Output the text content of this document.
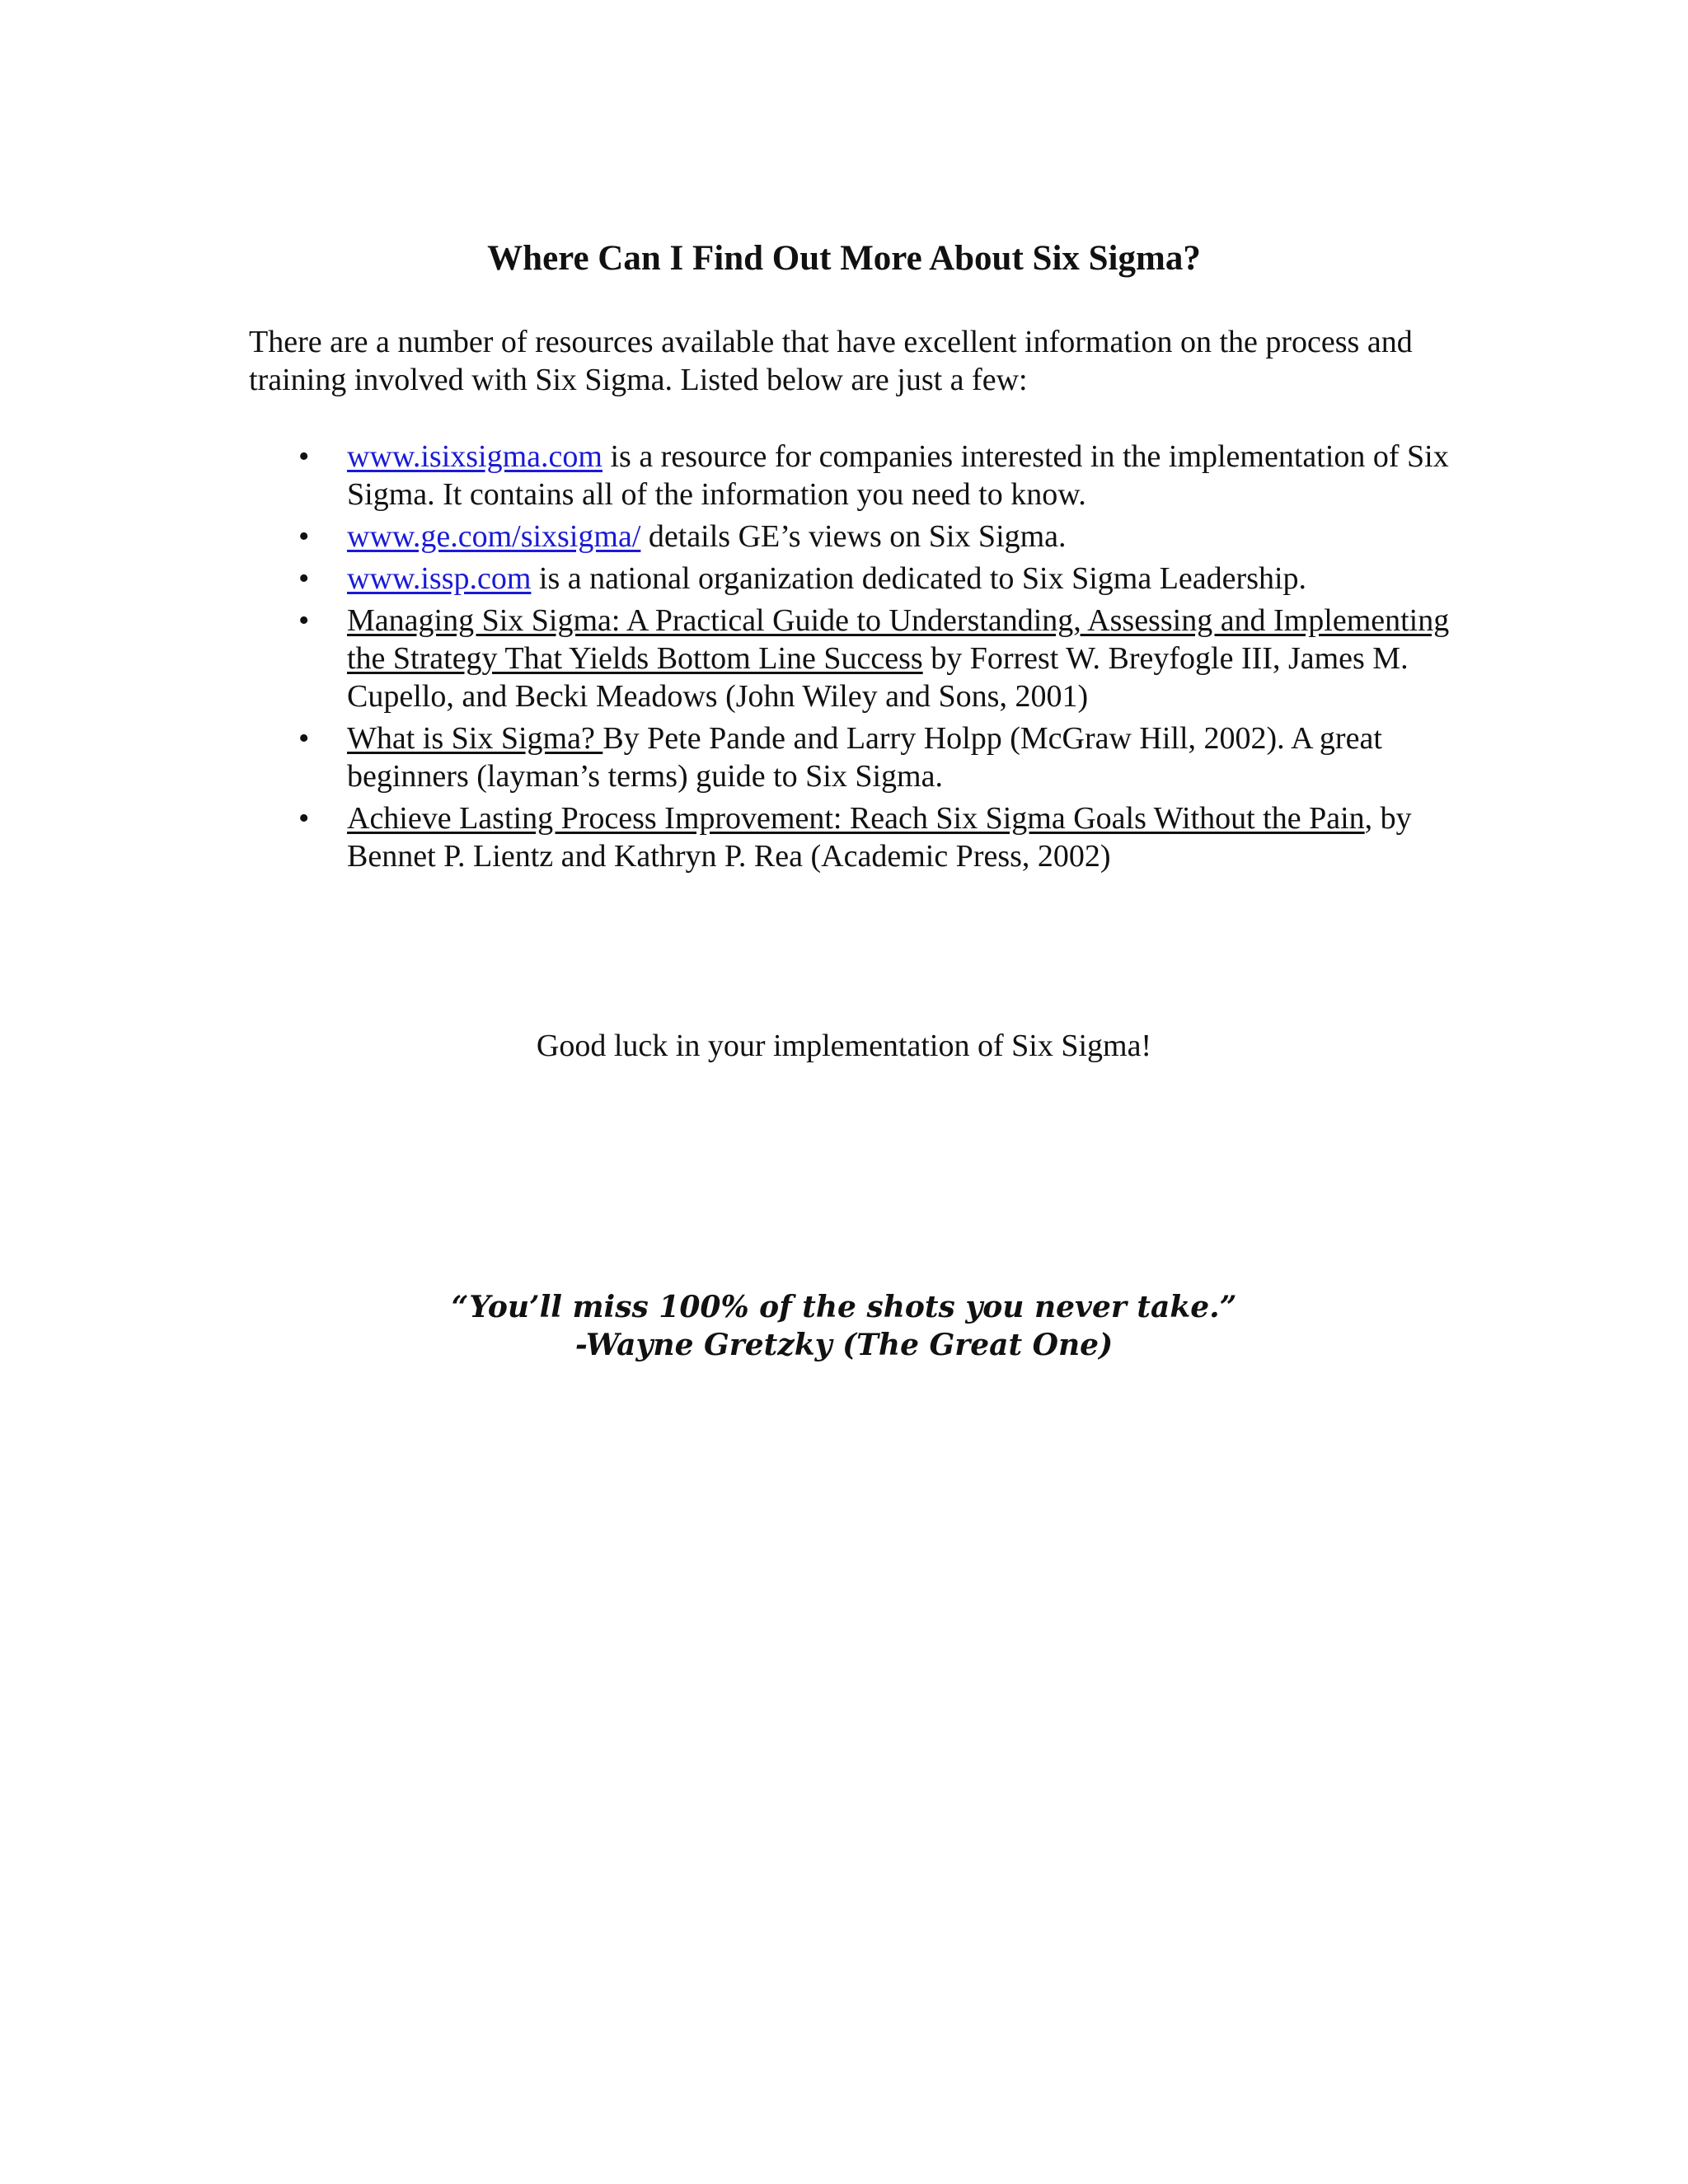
Where Can I Find Out More About Six Sigma?

There are a number of resources available that have excellent information on the process and training involved with Six Sigma. Listed below are just a few:

• www.isixsigma.com is a resource for companies interested in the implementation of Six Sigma. It contains all of the information you need to know.
• www.ge.com/sixsigma/ details GE’s views on Six Sigma.
• www.issp.com is a national organization dedicated to Six Sigma Leadership.
• Managing Six Sigma: A Practical Guide to Understanding, Assessing and Implementing the Strategy That Yields Bottom Line Success by Forrest W. Breyfogle III, James M. Cupello, and Becki Meadows (John Wiley and Sons, 2001)
• What is Six Sigma? By Pete Pande and Larry Holpp (McGraw Hill, 2002). A great beginners (layman’s terms) guide to Six Sigma.
• Achieve Lasting Process Improvement: Reach Six Sigma Goals Without the Pain, by Bennet P. Lientz and Kathryn P. Rea (Academic Press, 2002)

Good luck in your implementation of Six Sigma!

“You’ll miss 100% of the shots you never take.”

-Wayne Gretzky (The Great One)
